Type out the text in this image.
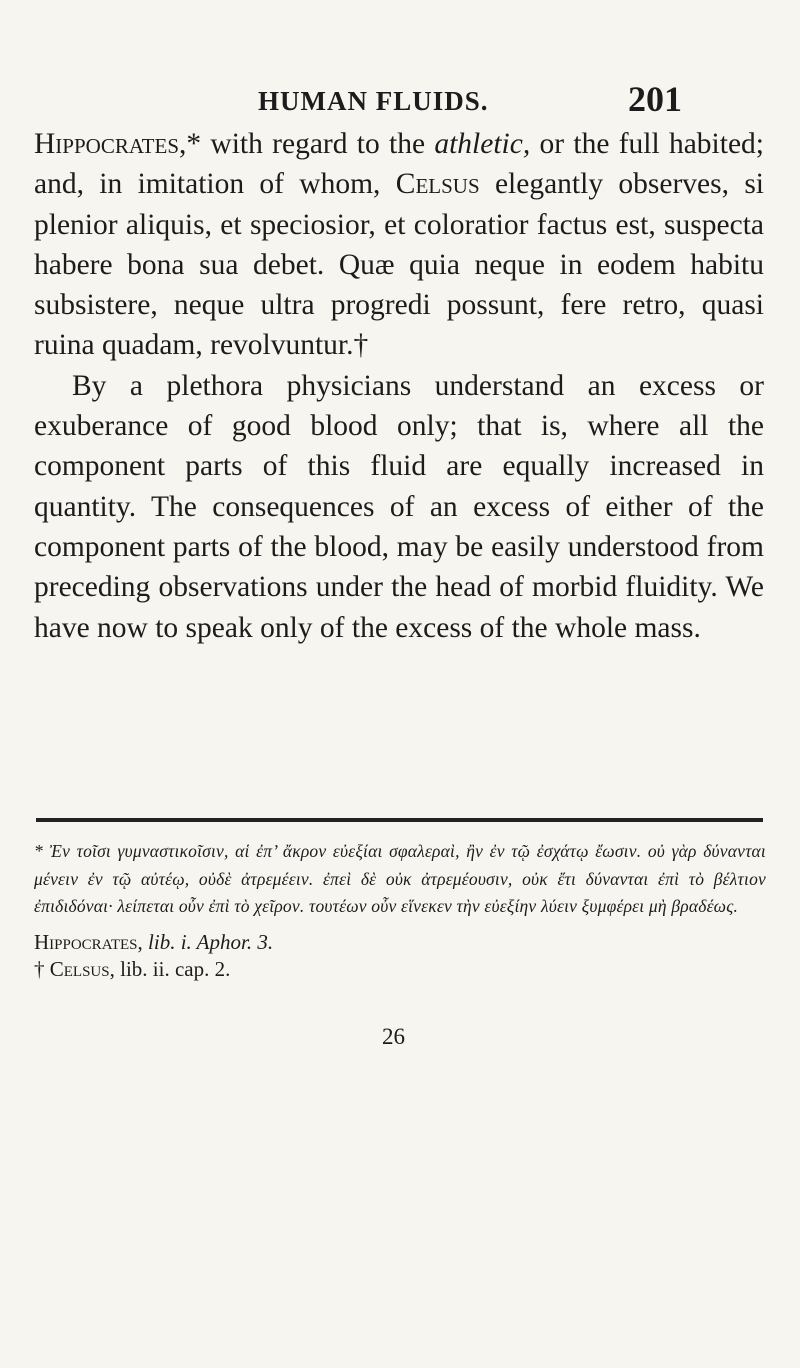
HUMAN FLUIDS.	201

Hippocrates,* with regard to the athletic, or the full habited; and, in imitation of whom, Celsus elegantly observes, si plenior aliquis, et speciosior, et coloratior factus est, suspecta habere bona sua debet. Quæ quia neque in eodem habitu subsistere, neque ultra progredi possunt, fere retro, quasi ruina quadam, revolvuntur.†

By a plethora physicians understand an excess or exuberance of good blood only; that is, where all the component parts of this fluid are equally increased in quantity. The consequences of an excess of either of the component parts of the blood, may be easily understood from preceding observations under the head of morbid fluidity. We have now to speak only of the excess of the whole mass.

* Ἐν τοῖσι γυμναστικοῖσιν, αἱ ἐπ’ ἄκρον εὐεξίαι σφαλεραὶ, ἢν ἐν τῷ ἐσχάτῳ ἔωσιν. οὐ γὰρ δύνανται μένειν ἐν τῷ αὐτέῳ, οὐδὲ ἀτρεμέειν. ἐπεὶ δὲ οὐκ ἀτρεμέουσιν, οὐκ ἔτι δύνανται ἐπὶ τὸ βέλτιον ἐπιδιδόναι· λείπεται οὖν ἐπὶ τὸ χεῖρον. τουτέων οὖν εἵνεκεν τὴν εὐεξίην λύειν ξυμφέρει μὴ βραδέως.

Hippocrates, lib. i. Aphor. 3.

† Celsus, lib. ii. cap. 2.

26
